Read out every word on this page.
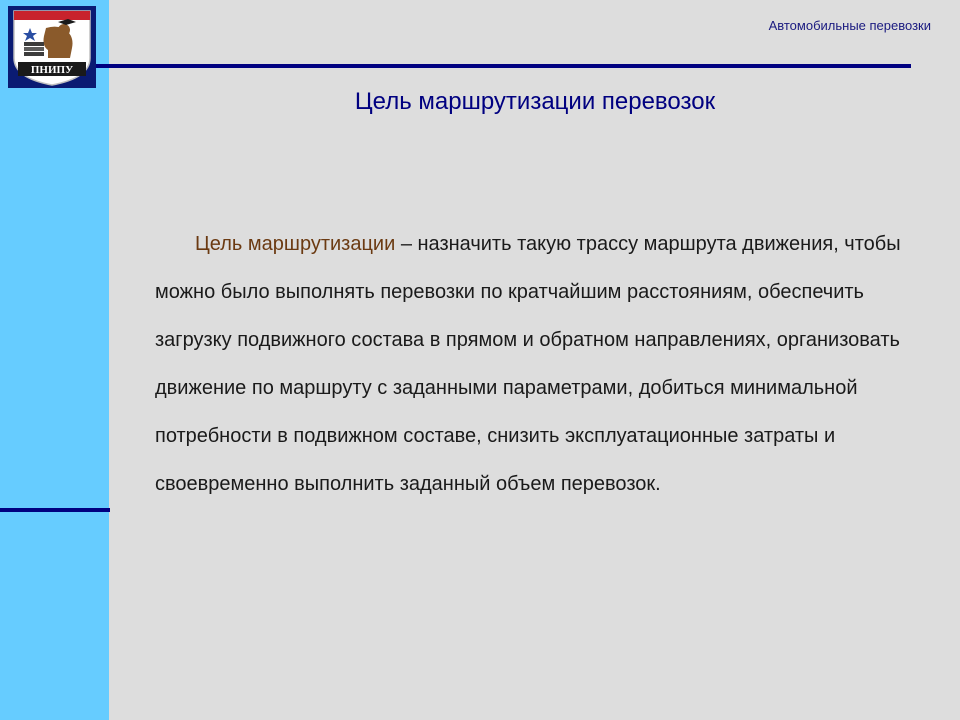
ПНИПУ
Автомобильные перевозки
Цель маршрутизации перевозок

Цель маршрутизации – назначить такую трассу маршрута движения, чтобы можно было выполнять перевозки по кратчайшим расстояниям, обеспечить загрузку подвижного состава в прямом и обратном направлениях, организовать движение по маршруту с заданными параметрами, добиться минимальной потребности в подвижном составе, снизить эксплуатационные затраты и своевременно выполнить заданный объем перевозок.
